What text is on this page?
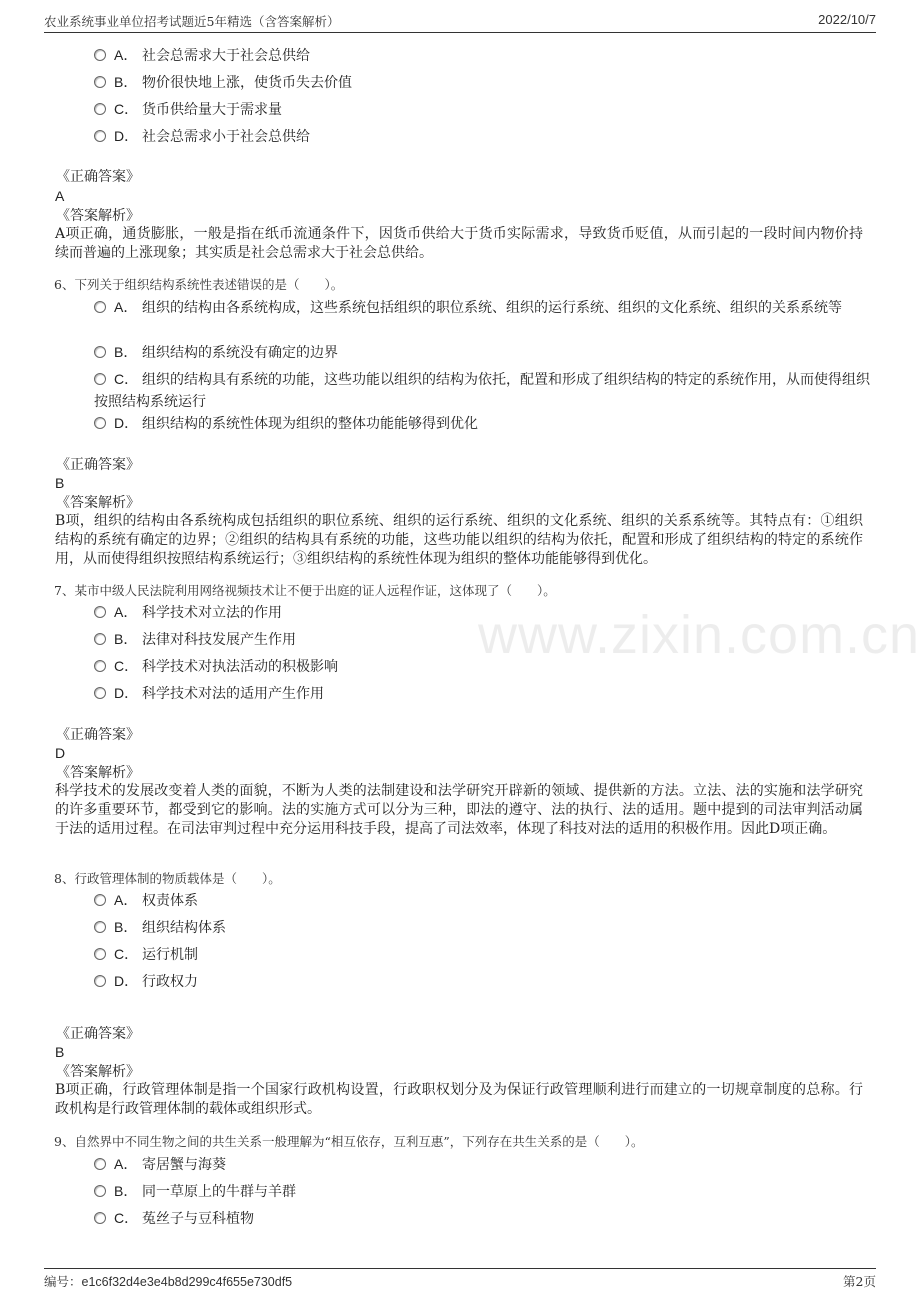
农业系统事业单位招考试题近5年精选（含答案解析）	2022/10/7
www.zixin.com.cn
A． 社会总需求大于社会总供给
B． 物价很快地上涨，使货币失去价值
C． 货币供给量大于需求量
D． 社会总需求小于社会总供给
《正确答案》
A
《答案解析》
A项正确，通货膨胀，一般是指在纸币流通条件下，因货币供给大于货币实际需求，导致货币贬值，从而引起的一段时间内物价持续而普遍的上涨现象；其实质是社会总需求大于社会总供给。
6、下列关于组织结构系统性表述错误的是（　　）。
A． 组织的结构由各系统构成，这些系统包括组织的职位系统、组织的运行系统、组织的文化系统、组织的关系系统等
B． 组织结构的系统没有确定的边界
C． 组织的结构具有系统的功能，这些功能以组织的结构为依托，配置和形成了组织结构的特定的系统作用，从而使得组织按照结构系统运行
D． 组织结构的系统性体现为组织的整体功能能够得到优化
《正确答案》
B
《答案解析》
B项，组织的结构由各系统构成包括组织的职位系统、组织的运行系统、组织的文化系统、组织的关系系统等。其特点有：①组织结构的系统有确定的边界；②组织的结构具有系统的功能，这些功能以组织的结构为依托，配置和形成了组织结构的特定的系统作用，从而使得组织按照结构系统运行；③组织结构的系统性体现为组织的整体功能能够得到优化。
7、某市中级人民法院利用网络视频技术让不便于出庭的证人远程作证，这体现了（　　）。
A． 科学技术对立法的作用
B． 法律对科技发展产生作用
C． 科学技术对执法活动的积极影响
D． 科学技术对法的适用产生作用
《正确答案》
D
《答案解析》
科学技术的发展改变着人类的面貌，不断为人类的法制建设和法学研究开辟新的领域、提供新的方法。立法、法的实施和法学研究的许多重要环节，都受到它的影响。法的实施方式可以分为三种，即法的遵守、法的执行、法的适用。题中提到的司法审判活动属于法的适用过程。在司法审判过程中充分运用科技手段，提高了司法效率，体现了科技对法的适用的积极作用。因此D项正确。
8、行政管理体制的物质载体是（　　）。
A． 权责体系
B． 组织结构体系
C． 运行机制
D． 行政权力
《正确答案》
B
《答案解析》
B项正确，行政管理体制是指一个国家行政机构设置，行政职权划分及为保证行政管理顺利进行而建立的一切规章制度的总称。行政机构是行政管理体制的载体或组织形式。
9、自然界中不同生物之间的共生关系一般理解为“相互依存，互利互惠”，下列存在共生关系的是（　　）。
A． 寄居蟹与海葵
B． 同一草原上的牛群与羊群
C． 菟丝子与豆科植物
编号：e1c6f32d4e3e4b8d299c4f655e730df5	第2页
